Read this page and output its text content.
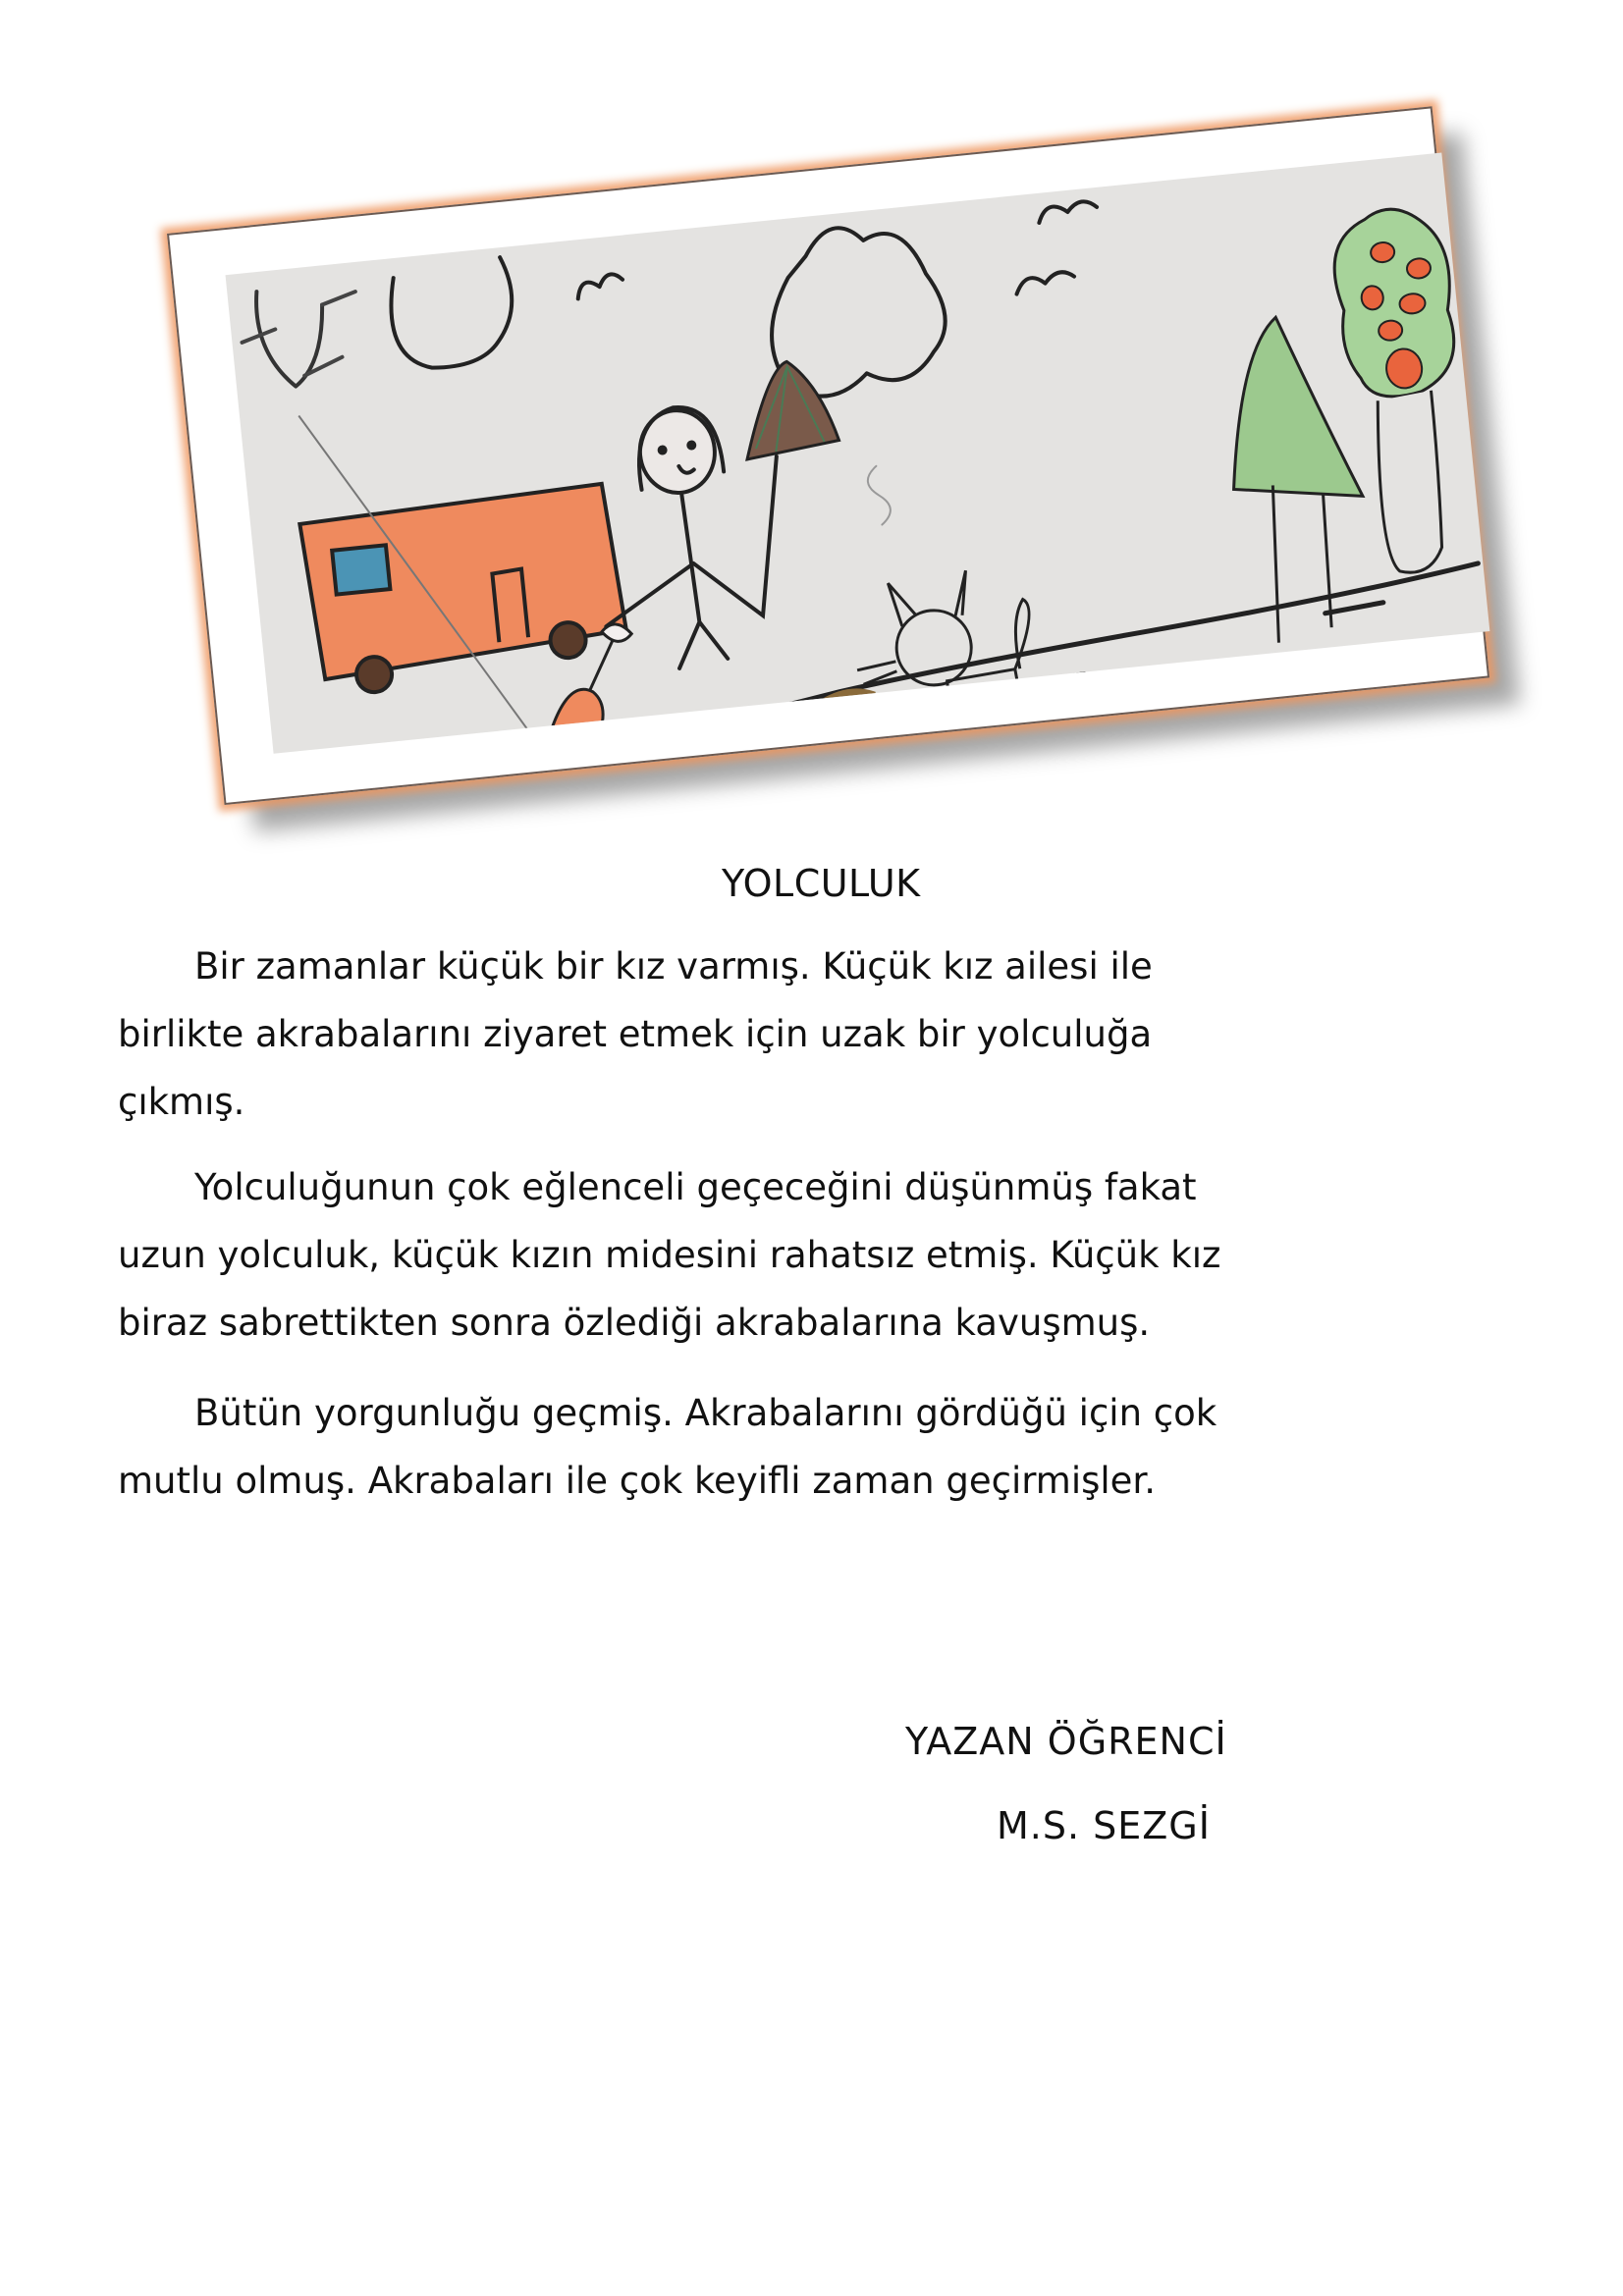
YOLCULUK
Bir zamanlar küçük bir kız varmış. Küçük kız ailesi ile
birlikte akrabalarını ziyaret etmek için uzak bir yolculuğa
çıkmış.
Yolculuğunun çok eğlenceli geçeceğini düşünmüş fakat
uzun yolculuk, küçük kızın midesini rahatsız etmiş. Küçük kız
biraz sabrettikten sonra özlediği akrabalarına kavuşmuş.
Bütün yorgunluğu geçmiş. Akrabalarını gördüğü için çok
mutlu olmuş. Akrabaları ile çok keyifli zaman geçirmişler.
YAZAN ÖĞRENCİ
M.S. SEZGİ
